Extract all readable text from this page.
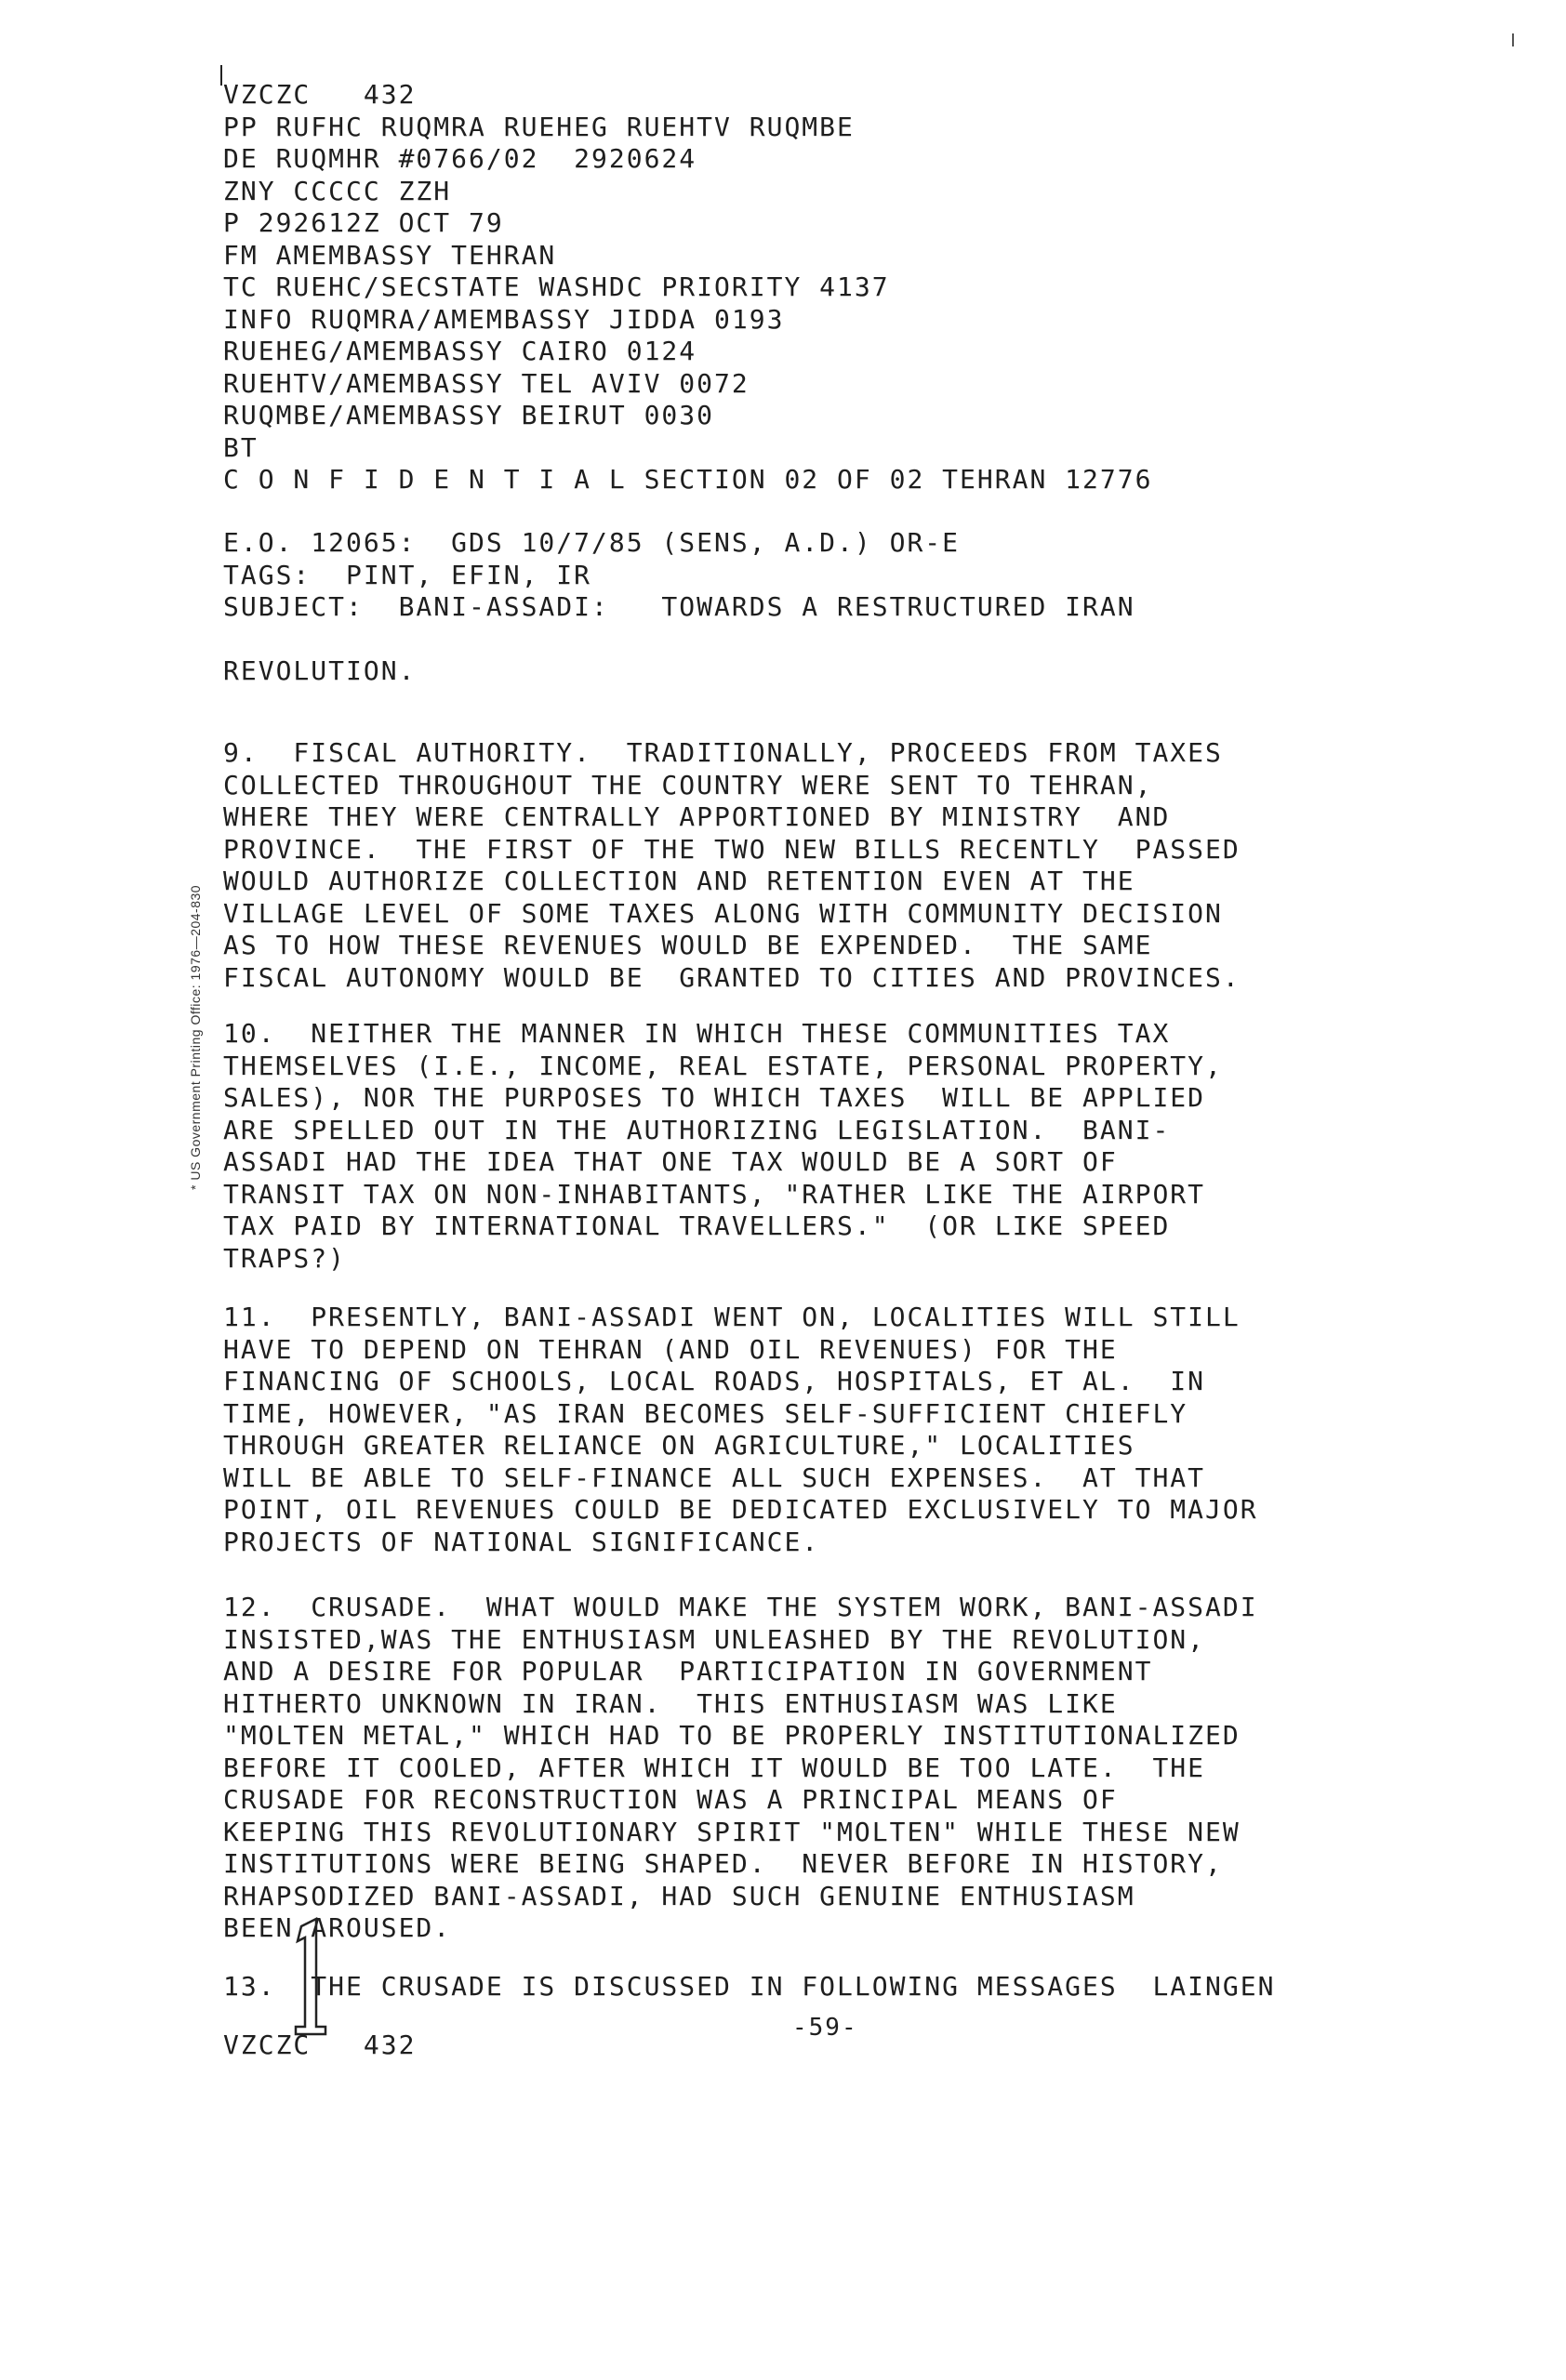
* US Government Printing Office: 1976—204-830
VZCZC   432
PP RUFHC RUQMRA RUEHEG RUEHTV RUQMBE
DE RUQMHR #0766/02  2920624
ZNY CCCCC ZZH
P 292612Z OCT 79
FM AMEMBASSY TEHRAN
TC RUEHC/SECSTATE WASHDC PRIORITY 4137
INFO RUQMRA/AMEMBASSY JIDDA 0193
RUEHEG/AMEMBASSY CAIRO 0124
RUEHTV/AMEMBASSY TEL AVIV 0072
RUQMBE/AMEMBASSY BEIRUT 0030
BT
C O N F I D E N T I A L SECTION 02 OF 02 TEHRAN 12776
E.O. 12065:  GDS 10/7/85 (SENS, A.D.) OR-E
TAGS:  PINT, EFIN, IR
SUBJECT:  BANI-ASSADI:   TOWARDS A RESTRUCTURED IRAN
REVOLUTION.
9.  FISCAL AUTHORITY.  TRADITIONALLY, PROCEEDS FROM TAXES
COLLECTED THROUGHOUT THE COUNTRY WERE SENT TO TEHRAN,
WHERE THEY WERE CENTRALLY APPORTIONED BY MINISTRY  AND
PROVINCE.  THE FIRST OF THE TWO NEW BILLS RECENTLY  PASSED
WOULD AUTHORIZE COLLECTION AND RETENTION EVEN AT THE
VILLAGE LEVEL OF SOME TAXES ALONG WITH COMMUNITY DECISION
AS TO HOW THESE REVENUES WOULD BE EXPENDED.  THE SAME
FISCAL AUTONOMY WOULD BE  GRANTED TO CITIES AND PROVINCES.
10.  NEITHER THE MANNER IN WHICH THESE COMMUNITIES TAX
THEMSELVES (I.E., INCOME, REAL ESTATE, PERSONAL PROPERTY,
SALES), NOR THE PURPOSES TO WHICH TAXES  WILL BE APPLIED
ARE SPELLED OUT IN THE AUTHORIZING LEGISLATION.  BANI-
ASSADI HAD THE IDEA THAT ONE TAX WOULD BE A SORT OF
TRANSIT TAX ON NON-INHABITANTS, "RATHER LIKE THE AIRPORT
TAX PAID BY INTERNATIONAL TRAVELLERS."  (OR LIKE SPEED
TRAPS?)
11.  PRESENTLY, BANI-ASSADI WENT ON, LOCALITIES WILL STILL
HAVE TO DEPEND ON TEHRAN (AND OIL REVENUES) FOR THE
FINANCING OF SCHOOLS, LOCAL ROADS, HOSPITALS, ET AL.  IN
TIME, HOWEVER, "AS IRAN BECOMES SELF-SUFFICIENT CHIEFLY
THROUGH GREATER RELIANCE ON AGRICULTURE," LOCALITIES
WILL BE ABLE TO SELF-FINANCE ALL SUCH EXPENSES.  AT THAT
POINT, OIL REVENUES COULD BE DEDICATED EXCLUSIVELY TO MAJOR
PROJECTS OF NATIONAL SIGNIFICANCE.
12.  CRUSADE.  WHAT WOULD MAKE THE SYSTEM WORK, BANI-ASSADI
INSISTED,WAS THE ENTHUSIASM UNLEASHED BY THE REVOLUTION,
AND A DESIRE FOR POPULAR  PARTICIPATION IN GOVERNMENT
HITHERTO UNKNOWN IN IRAN.  THIS ENTHUSIASM WAS LIKE
"MOLTEN METAL," WHICH HAD TO BE PROPERLY INSTITUTIONALIZED
BEFORE IT COOLED, AFTER WHICH IT WOULD BE TOO LATE.  THE
CRUSADE FOR RECONSTRUCTION WAS A PRINCIPAL MEANS OF
KEEPING THIS REVOLUTIONARY SPIRIT "MOLTEN" WHILE THESE NEW
INSTITUTIONS WERE BEING SHAPED.  NEVER BEFORE IN HISTORY,
RHAPSODIZED BANI-ASSADI, HAD SUCH GENUINE ENTHUSIASM
BEEN AROUSED.
13.  THE CRUSADE IS DISCUSSED IN FOLLOWING MESSAGES  LAINGEN
-59-
VZCZC   432
